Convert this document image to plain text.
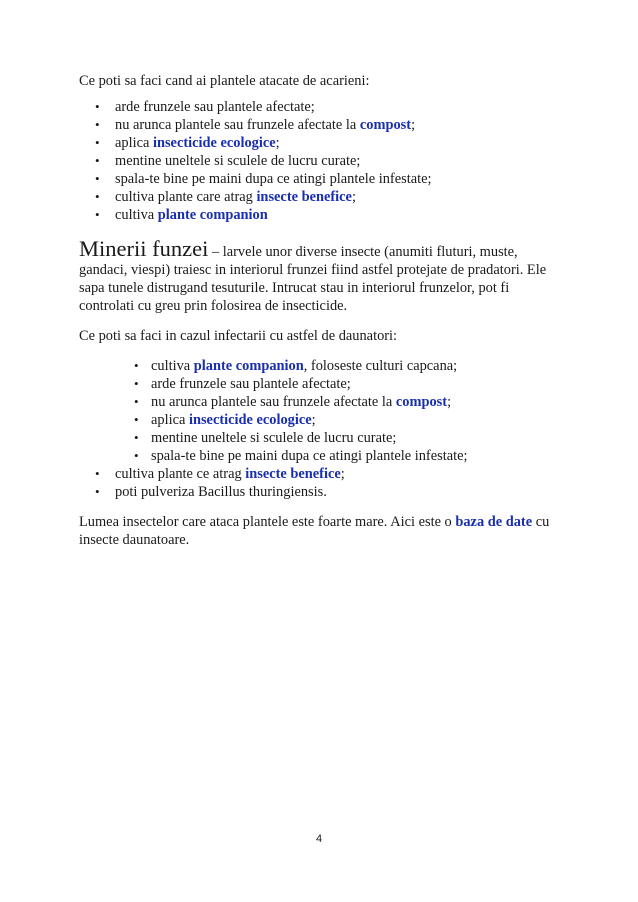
Ce poti sa faci cand ai plantele atacate de acarieni:

• arde frunzele sau plantele afectate;
• nu arunca plantele sau frunzele afectate la compost;
• aplica insecticide ecologice;
• mentine uneltele si sculele de lucru curate;
• spala-te bine pe maini dupa ce atingi plantele infestate;
• cultiva plante care atrag insecte benefice;
• cultiva plante companion

Minerii funzei – larvele unor diverse insecte (anumiti fluturi, muste, gandaci, viespi) traiesc in interiorul frunzei fiind astfel protejate de pradatori. Ele sapa tunele distrugand tesuturile. Intrucat stau in interiorul frunzelor, pot fi controlati cu greu prin folosirea de insecticide.

Ce poti sa faci in cazul infectarii cu astfel de daunatori:

• cultiva plante companion, foloseste culturi capcana;
• arde frunzele sau plantele afectate;
• nu arunca plantele sau frunzele afectate la compost;
• aplica insecticide ecologice;
• mentine uneltele si sculele de lucru curate;
• spala-te bine pe maini dupa ce atingi plantele infestate;
• cultiva plante ce atrag insecte benefice;
• poti pulveriza Bacillus thuringiensis.

Lumea insectelor care ataca plantele este foarte mare. Aici este o baza de date cu insecte daunatoare.

4
